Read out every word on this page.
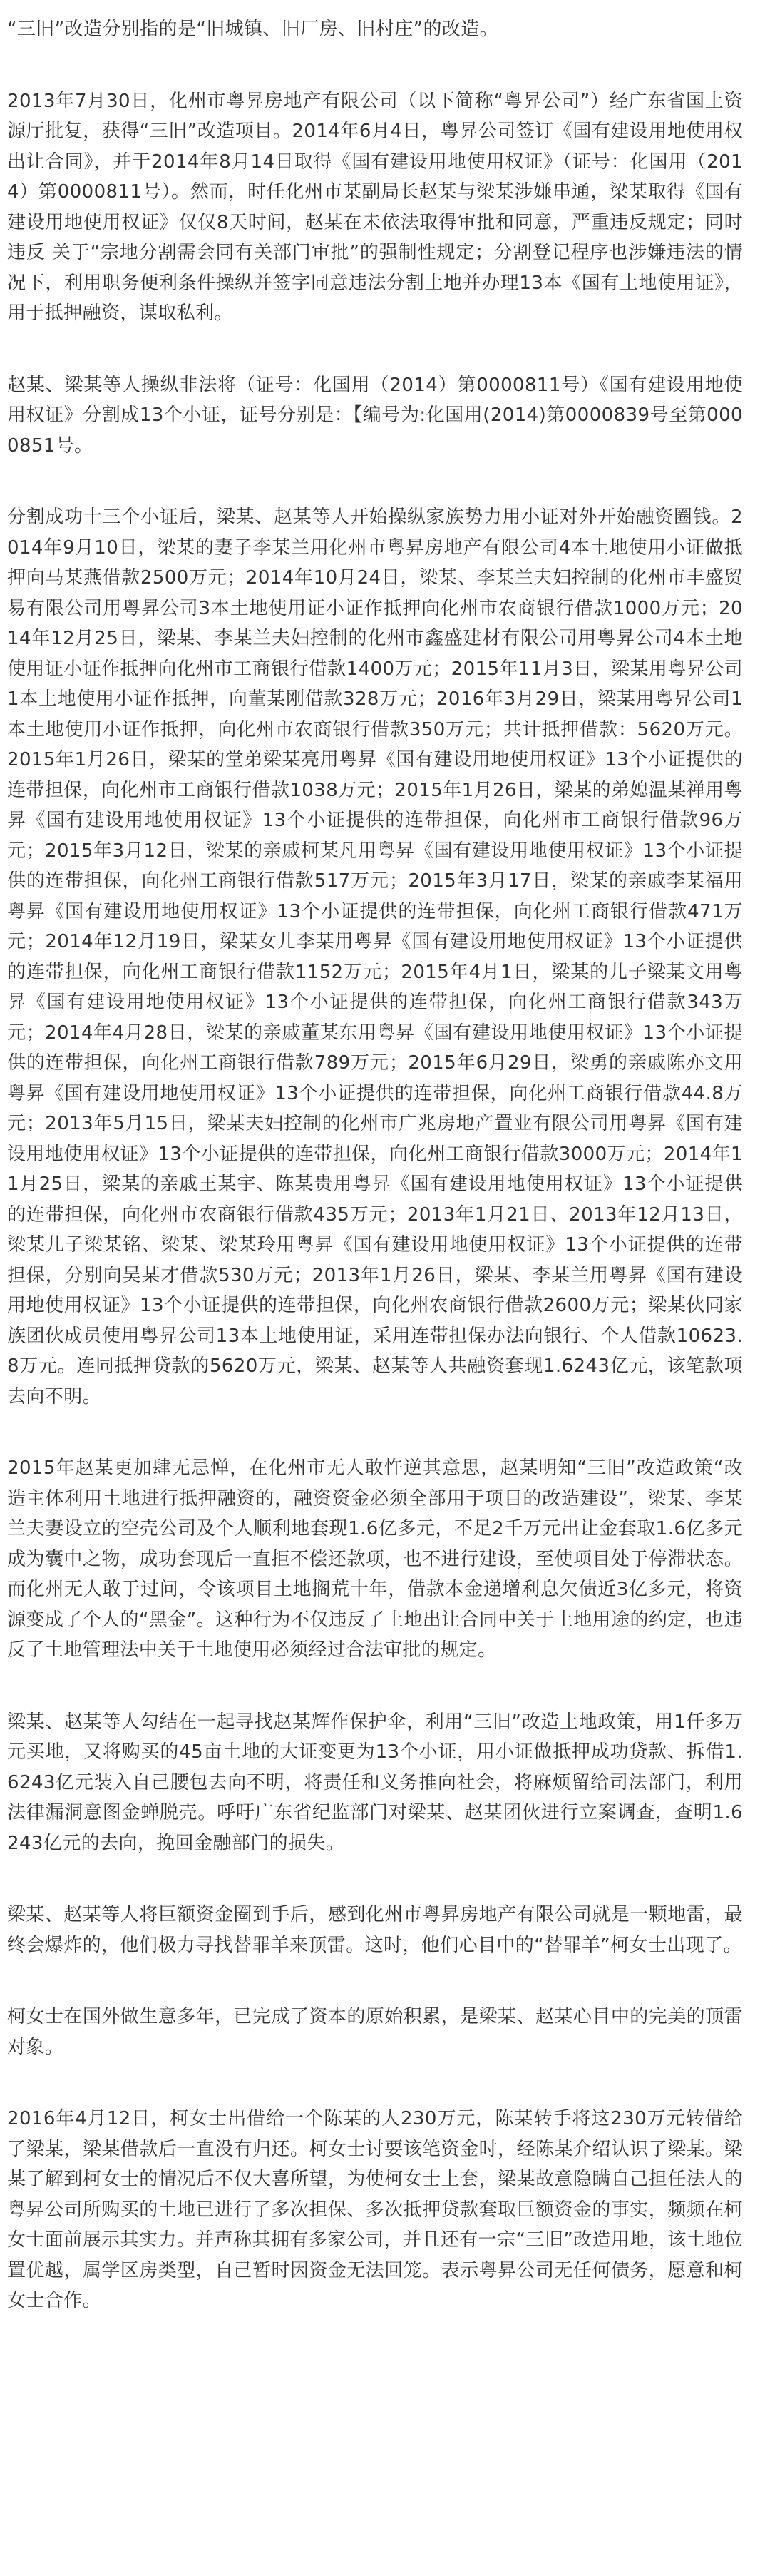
“三旧”改造分别指的是“旧城镇、旧厂房、旧村庄”的改造。

2013年7月30日，化州市粤昇房地产有限公司（以下简称“粤昇公司”）经广东省国土资源厅批复，获得“三旧”改造项目。2014年6月4日，粤昇公司签订《国有建设用地使用权出让合同》，并于2014年8月14日取得《国有建设用地使用权证》（证号：化国用（2014）第0000811号）。然而，时任化州市某副局长赵某与梁某涉嫌串通，梁某取得《国有建设用地使用权证》仅仅8天时间，赵某在未依法取得审批和同意，严重违反规定；同时违反 关于“宗地分割需会同有关部门审批”的强制性规定；分割登记程序也涉嫌违法的情况下，利用职务便利条件操纵并签字同意违法分割土地并办理13本《国有土地使用证》，用于抵押融资，谋取私利。

赵某、梁某等人操纵非法将（证号：化国用（2014）第0000811号）《国有建设用地使用权证》分割成13个小证，证号分别是：【编号为:化国用(2014)第0000839号至第0000851号。

分割成功十三个小证后，梁某、赵某等人开始操纵家族势力用小证对外开始融资圈钱。2014年9月10日，梁某的妻子李某兰用化州市粤昇房地产有限公司4本土地使用小证做抵押向马某燕借款2500万元；2014年10月24日，梁某、李某兰夫妇控制的化州市丰盛贸易有限公司用粤昇公司3本土地使用证小证作抵押向化州市农商银行借款1000万元；2014年12月25日，梁某、李某兰夫妇控制的化州市鑫盛建材有限公司用粤昇公司4本土地使用证小证作抵押向化州市工商银行借款1400万元；2015年11月3日，梁某用粤昇公司1本土地使用小证作抵押，向董某刚借款328万元；2016年3月29日，梁某用粤昇公司1本土地使用小证作抵押，向化州市农商银行借款350万元；共计抵押借款：5620万元。2015年1月26日，梁某的堂弟梁某亮用粤昇《国有建设用地使用权证》13个小证提供的连带担保，向化州市工商银行借款1038万元；2015年1月26日，梁某的弟媳温某禅用粤昇《国有建设用地使用权证》13个小证提供的连带担保，向化州市工商银行借款96万元；2015年3月12日，梁某的亲戚柯某凡用粤昇《国有建设用地使用权证》13个小证提供的连带担保，向化州工商银行借款517万元；2015年3月17日，梁某的亲戚李某福用粤昇《国有建设用地使用权证》13个小证提供的连带担保，向化州工商银行借款471万元；2014年12月19日，梁某女儿李某用粤昇《国有建设用地使用权证》13个小证提供的连带担保，向化州工商银行借款1152万元；2015年4月1日，梁某的儿子梁某文用粤昇《国有建设用地使用权证》13个小证提供的连带担保，向化州工商银行借款343万元；2014年4月28日，梁某的亲戚董某东用粤昇《国有建设用地使用权证》13个小证提供的连带担保，向化州工商银行借款789万元；2015年6月29日，梁勇的亲戚陈亦文用粤昇《国有建设用地使用权证》13个小证提供的连带担保，向化州工商银行借款44.8万元；2013年5月15日，梁某夫妇控制的化州市广兆房地产置业有限公司用粤昇《国有建设用地使用权证》13个小证提供的连带担保，向化州工商银行借款3000万元；2014年11月25日，梁某的亲戚王某宇、陈某贵用粤昇《国有建设用地使用权证》13个小证提供的连带担保，向化州市农商银行借款435万元；2013年1月21日、2013年12月13日，梁某儿子梁某铭、梁某、梁某玲用粤昇《国有建设用地使用权证》13个小证提供的连带担保，分别向吴某才借款530万元；2013年1月26日，梁某、李某兰用粤昇《国有建设用地使用权证》13个小证提供的连带担保，向化州农商银行借款2600万元；梁某伙同家族团伙成员使用粤昇公司13本土地使用证，采用连带担保办法向银行、个人借款10623.8万元。连同抵押贷款的5620万元，梁某、赵某等人共融资套现1.6243亿元，该笔款项去向不明。

2015年赵某更加肆无忌惮，在化州市无人敢忤逆其意思，赵某明知“三旧”改造政策“改造主体利用土地进行抵押融资的，融资资金必须全部用于项目的改造建设”，梁某、李某兰夫妻设立的空壳公司及个人顺利地套现1.6亿多元，不足2千万元出让金套取1.6亿多元成为囊中之物，成功套现后一直拒不偿还款项，也不进行建设，至使项目处于停滞状态。而化州无人敢于过问，令该项目土地搁荒十年，借款本金递增利息欠债近3亿多元，将资源变成了个人的“黑金”。这种行为不仅违反了土地出让合同中关于土地用途的约定，也违反了土地管理法中关于土地使用必须经过合法审批的规定。

梁某、赵某等人勾结在一起寻找赵某辉作保护伞，利用“三旧”改造土地政策，用1仟多万元买地，又将购买的45亩土地的大证变更为13个小证，用小证做抵押成功贷款、拆借1.6243亿元装入自己腰包去向不明，将责任和义务推向社会，将麻烦留给司法部门，利用法律漏洞意图金蝉脱壳。呼吁广东省纪监部门对梁某、赵某团伙进行立案调查，查明1.6243亿元的去向，挽回金融部门的损失。

梁某、赵某等人将巨额资金圈到手后，感到化州市粤昇房地产有限公司就是一颗地雷，最终会爆炸的，他们极力寻找替罪羊来顶雷。这时，他们心目中的“替罪羊”柯女士出现了。

柯女士在国外做生意多年，已完成了资本的原始积累，是梁某、赵某心目中的完美的顶雷对象。

2016年4月12日，柯女士出借给一个陈某的人230万元，陈某转手将这230万元转借给了梁某，梁某借款后一直没有归还。柯女士讨要该笔资金时，经陈某介绍认识了梁某。梁某了解到柯女士的情况后不仅大喜所望，为使柯女士上套，梁某故意隐瞒自己担任法人的粤昇公司所购买的土地已进行了多次担保、多次抵押贷款套取巨额资金的事实，频频在柯女士面前展示其实力。并声称其拥有多家公司，并且还有一宗“三旧”改造用地，该土地位置优越，属学区房类型，自己暂时因资金无法回笼。表示粤昇公司无任何债务，愿意和柯女士合作。
